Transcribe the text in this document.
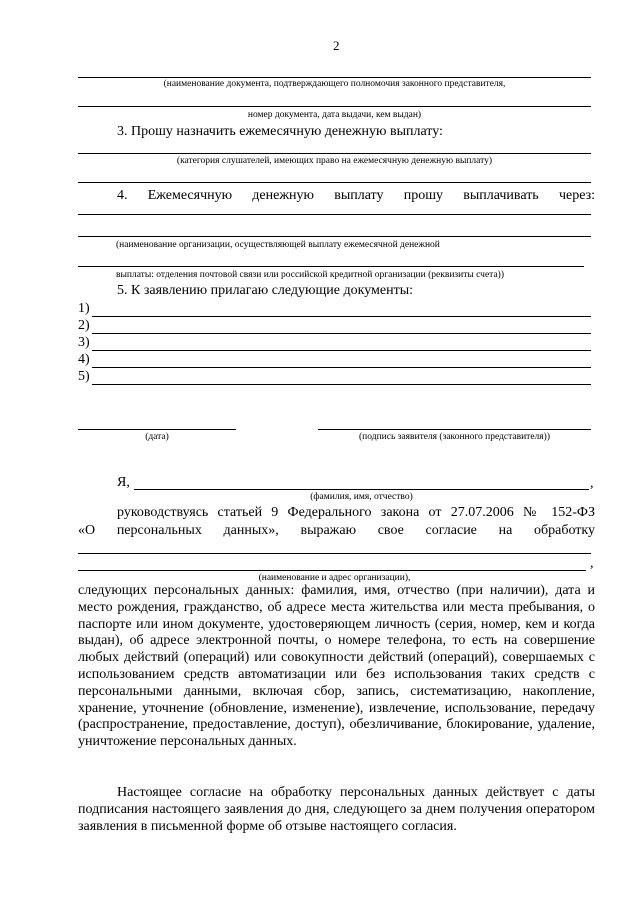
2
(наименование документа, подтверждающего полномочия законного представителя,
номер документа, дата выдачи, кем выдан)
3. Прошу назначить ежемесячную денежную выплату:
(категория слушателей, имеющих право на ежемесячную денежную выплату)
4. Ежемесячную денежную выплату прошу выплачивать через:
(наименование организации, осуществляющей выплату ежемесячной денежной
выплаты: отделения почтовой связи или российской кредитной организации (реквизиты счета))
5. К заявлению прилагаю следующие документы:
1)
2)
3)
4)
5)
(дата)	(подпись заявителя (законного представителя))
Я,	,
(фамилия, имя, отчество)
руководствуясь статьей 9 Федерального закона от 27.07.2006 № 152-ФЗ
«О персональных данных», выражаю свое согласие на обработку
,
(наименование и адрес организации),
следующих персональных данных: фамилия, имя, отчество (при наличии), дата и место рождения, гражданство, об адресе места жительства или места пребывания, о паспорте или ином документе, удостоверяющем личность (серия, номер, кем и когда выдан), об адресе электронной почты, о номере телефона, то есть на совершение любых действий (операций) или совокупности действий (операций), совершаемых с использованием средств автоматизации или без использования таких средств с персональными данными, включая сбор, запись, систематизацию, накопление, хранение, уточнение (обновление, изменение), извлечение, использование, передачу (распространение, предоставление, доступ), обезличивание, блокирование, удаление, уничтожение персональных данных.
Настоящее согласие на обработку персональных данных действует с даты подписания настоящего заявления до дня, следующего за днем получения оператором заявления в письменной форме об отзыве настоящего согласия.
